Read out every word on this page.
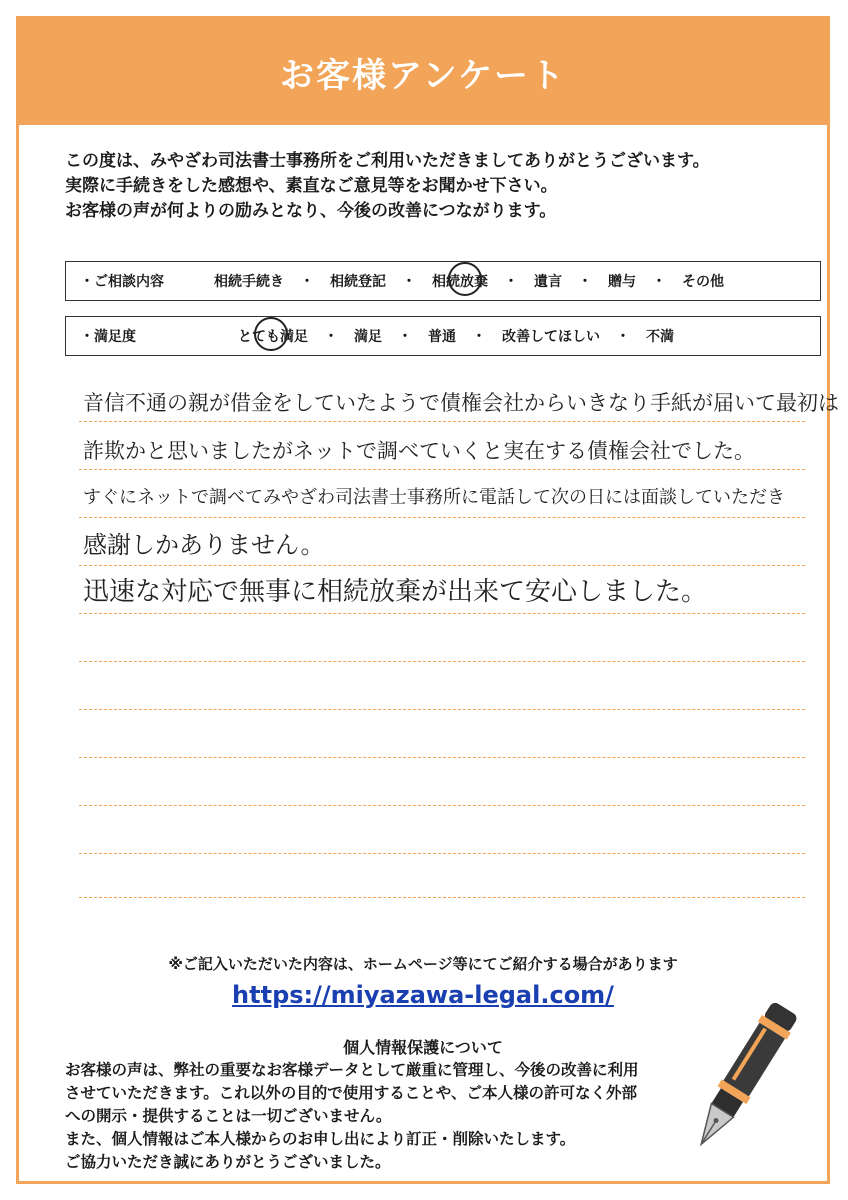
お客様アンケート

この度は、みやざわ司法書士事務所をご利用いただきましてありがとうございます。

実際に手続きをした感想や、素直なご意見等をお聞かせ下さい。

お客様の声が何よりの励みとなり、今後の改善につながります。

・ご相談内容	相続手続き	・	相続登記	・	相続放棄	・	遺言	・	贈与	・	その他
・満足度	とても満足	・	満足	・	普通	・	改善してほしい	・	不満
音信不通の親が借金をしていたようで債権会社からいきなり手紙が届いて最初は
詐欺かと思いましたがネットで調べていくと実在する債権会社でした。
すぐにネットで調べてみやざわ司法書士事務所に電話して次の日には面談していただき
感謝しかありません。
迅速な対応で無事に相続放棄が出来て安心しました。
※ご記入いただいた内容は、ホームページ等にてご紹介する場合があります
https://miyazawa-legal.com/
個人情報保護について

お客様の声は、弊社の重要なお客様データとして厳重に管理し、今後の改善に利用

させていただきます。これ以外の目的で使用することや、ご本人様の許可なく外部

への開示・提供することは一切ございません。

また、個人情報はご本人様からのお申し出により訂正・削除いたします。

ご協力いただき誠にありがとうございました。
